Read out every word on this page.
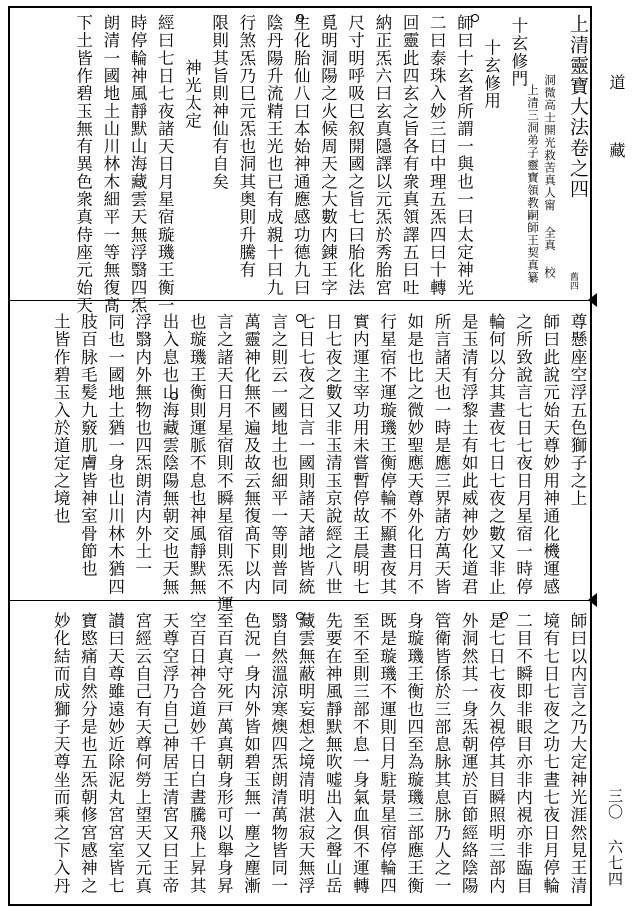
道
藏
三〇 六七四
上清靈寶大法卷之四
洞微高士開光救苦真人甯 全真 校
上清三洞弟子靈寶領教嗣師王契真纂
十玄修門
十玄修用
師曰十玄者所謂一與也一曰太定神光
二曰泰珠入妙三曰中理五炁四曰十轉
回靈此四玄之旨各有衆真領譯五曰吐
納正炁六曰玄真隱譯以元炁於秀胎宮
尺寸明呼吸巳叙開國之旨七曰胎化法
覓明洞陽之火候周天之大數内錬王字
生化胎仙八曰本始神通應感功德九曰
陰丹陽升流精王光也已有成親十曰九
行煞炁乃巳元炁也洞其奥則升騰有
限則其旨則神仙有自矣
神光太定
經曰七日七夜諸天日月星宿璇璣王衡一
時停輪神風靜默山海藏雲天無浮翳四炁
朗清一國地土山川林木細平一等無復髙
下土皆作碧玉無有異色衆真侍座元始天	舊四
尊懸座空浮五色獅子之上
師曰此說元始天尊妙用神通化機運感
之所致說言七日七夜日月星宿一時停
輪何以分其晝夜七日七夜之數又非止
是玉清有浮黎土有如此威神妙化道君
所言諸天也一時是應三界諸方萬天皆
如是也比之微妙聖應天尊外化日月不
行星宿不運璇璣王衡停輪不顯晝夜其
實内運主宰功用未嘗暫停故王晨明七
日七夜之數又非玉清玉京說經之八世
七日七夜之日言一國則諸天諸地皆統
言之則云一國地土也細平一等則普同
萬靈神化無不遍及故云無復髙下以内
言之諸天日月星宿則不瞬星宿則炁不運
也璇璣王衡則運脈不息也神風靜默無
出入息也山海藏雲陰陽無朝交也天無
浮翳内外無物也四炁朗清内外土一
同也一國地土猶一身也山川林木猶四
肢百脉毛髪九竅肌膚皆神室骨節也
土皆作碧玉入於道定之境也
師曰以内言之乃大定神光涯然見王清
境有七日七夜之功七晝七夜日月停輪
二目不瞬即非眼目亦非内視亦非臨目
是七日七夜久視停其目瞬照明三部内
外洞然其一身炁朝運於百節經絡陰陽
管衛皆係於三部息脉其息脉乃人之一
身璇璣王衡也四至為璇璣三部應王衡
既是璇璣不運則日月駐景星宿停輪四
至不至則三部不息一身氣血俱不運轉
先要在神風靜默無吹嘘出入之聲山岳
藏雲無蔽明妄想之境清明湛寂天無浮
翳自然溫涼寒燠四炁朗清萬物皆同一
色況一身内外皆如碧玉無一塵之塵漸
至百真守死戸萬真朝身形可以舉身昇
空百日神合道妙千日白晝騰飛上昇其
天尊空浮乃自己神居王清宮又曰王帝
宮經云自己有天尊何勞上望天又元真
讃曰天尊雖遠妙近除泥丸宮宮室皆七
寶愍痛自然分是也五炁朝修宮感神之
妙化結而成獅子天尊坐而乘之下入丹
